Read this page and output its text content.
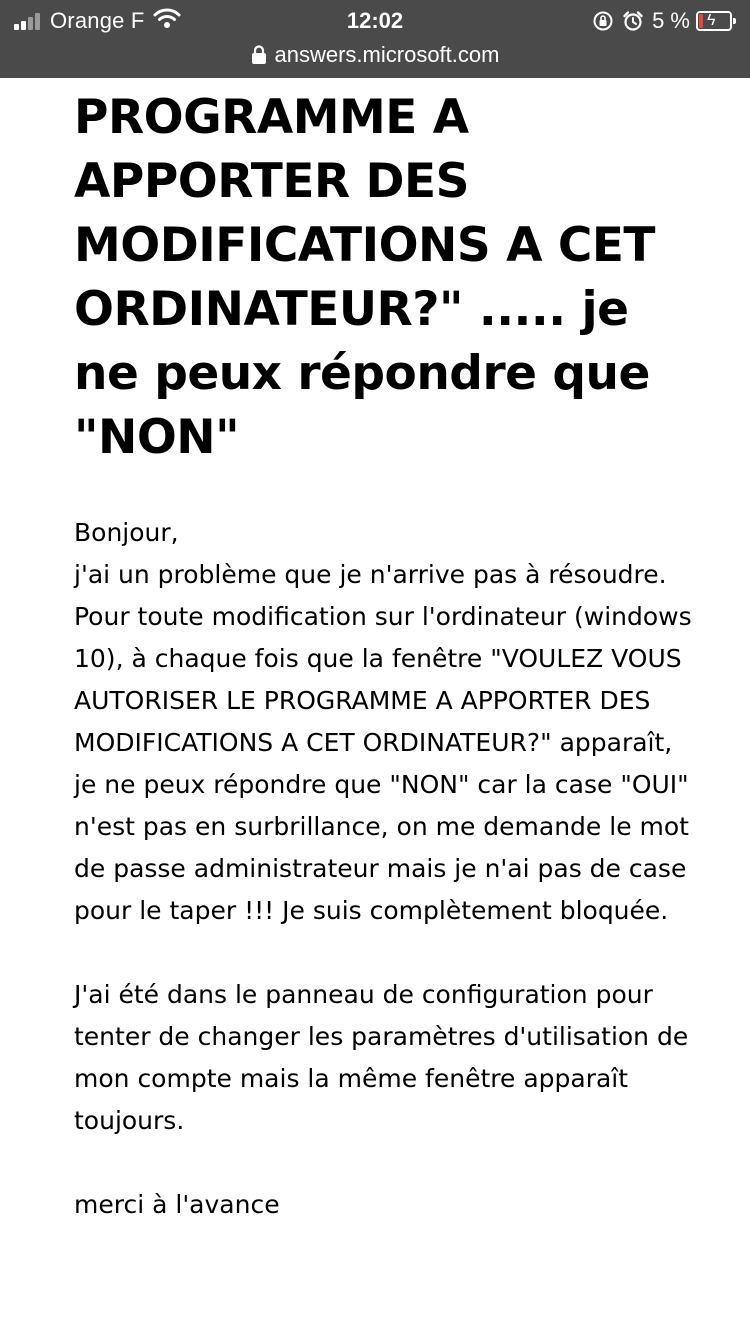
Orange F	12:02	5 % ϟ
answers.microsoft.com
PROGRAMME A APPORTER DES MODIFICATIONS A CET ORDINATEUR?" ..... je ne peux répondre que "NON"

Bonjour,

j'ai un problème que je n'arrive pas à résoudre. Pour toute modification sur l'ordinateur (windows 10), à chaque fois que la fenêtre "VOULEZ VOUS AUTORISER LE PROGRAMME A APPORTER DES MODIFICATIONS A CET ORDINATEUR?" apparaît, je ne peux répondre que "NON" car la case "OUI" n'est pas en surbrillance, on me demande le mot de passe administrateur mais je n'ai pas de case pour le taper !!! Je suis complètement bloquée.

J'ai été dans le panneau de configuration pour tenter de changer les paramètres d'utilisation de mon compte mais la même fenêtre apparaît toujours.

merci à l'avance
